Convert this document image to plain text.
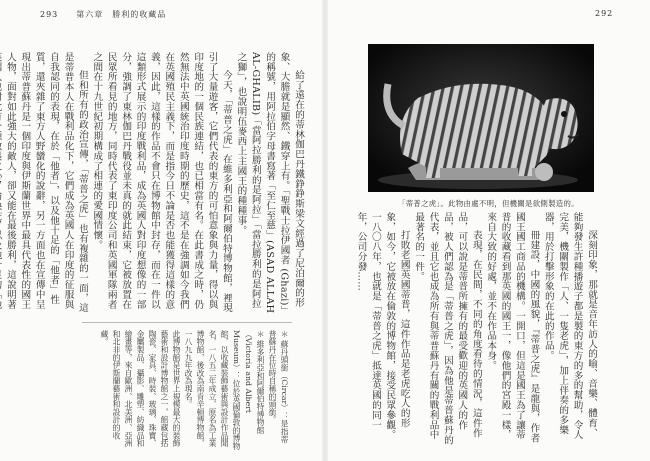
293　　第六章　勝利的收藏品	292

給了遠在的蒂林伽巴丹鐵錚錚斯梁文經過了尼泊爾的形象、大膽就是顯然、鐵穿上有。「聖戰士拉伊國者 (Ghazi)」的稱號，用阿拉伯字母書寫著「至仁至慈」(ASAD ALLAH AL-GHALIB)「當阿拉勝利的是阿拉」「當拉勝利的是阿拉之獅」，也說明伍麥西上主國王的種種事。

今天，「蒂普之虎」在維多利亞和阿爾伯特博物館，裡現引了大量遊客，它們代表的東方的可怕意象與力量，得以與印度地的一個民族連結，也已相當有名。在此書成之時，仍然無法中英國統治印度時期的歷史，這不是在強調如今我們在英國殖民主義下，而是指今日不論是否也能獲得這樣的意義，因此，這樣的作品不會只在博物館中封存，而在一件以這類形式展示的印度戰利品，成為英國人對印度想像的一部分，強調了東林伽巴丹戰役並未真的就此結束，它被放置在民眾所看見的地方，同時代表了東印度公司和英國軍隊兩者之間在十九世紀初期構成了相連的愛國情懷。

但和所有的政治宣傳，「蒂普之虎」也有複雜的一面，這是蒂普本人在戰利品化下，它們成為英國人在印度的征服與自我認同的表現，在於「他者」，以及他十足的「他者」性質，還夾雜了東方人野蠻化的說辭，另一方面也在宣傳中呈現出蒂普蘇丹是一個印度與伊斯蘭世界中最具代表性的國王人物，面對如此強大的敵人，卻又能在最後勝利，這說明著

＊ 蘇丹頭銜（Circar）：是指蒂普蘇丹在位時自稱的頭銜。

＊ 維多利亞和阿爾伯特博物館（Victoria and Albert Museum）：位於英國倫敦的博物館，以收藏裝飾藝術與設計作品聞名，一八五二年成立，原名為工業博物館，後改為南肯辛頓博物館，一八九九年改為現名。

此博物館是世界上規模最大的裝飾藝術和設計博物館之一，館藏包括陶瓷、家具、時裝、玻璃、珠寶、金屬製品、攝影、雕塑、紡織品和繪畫等，來自歐洲、北美洲、亞洲和北非的伊斯蘭藝術和設計的收藏。

「蒂普之虎」。此物由處不明，但機關是欲側製造的。

深刻印象，那就是音年訪人的喻、音樂、體育、能夠發生許種播遊子都是製的東方的多的幫助，令人完美，機關製作「人、一隻老虎」，加上伴奏的多樂器，用於打擊形象的在此的作品。

冊建設，中國的風貌，『蒂普之虎』是龍與，作者國王國工商品的機構。一開口，但這是國王為了讓蒂普的收藏看到那英國的國王一，像他們的宮殿一樣，來自大致的好處，並不在作品本身。

表現，在民間，不同的角度看待的情況，這件作品，可以說是蒂普所擁有的最受歡迎的英國人的作品，被人們認為是「蒂普之虎」，因為他是蒂普蘇丹的代表，並且它也成為所有與蒂普蘇丹有關的戰利品中最著名的一件。

打敗老國英國蒂普，這件作品是老虎吃人的形象，如今，它被放在倫敦的博物館，接受民眾參觀。一八〇八年，也就是「蒂普之虎」抵達英國的同一年，公司分發……
